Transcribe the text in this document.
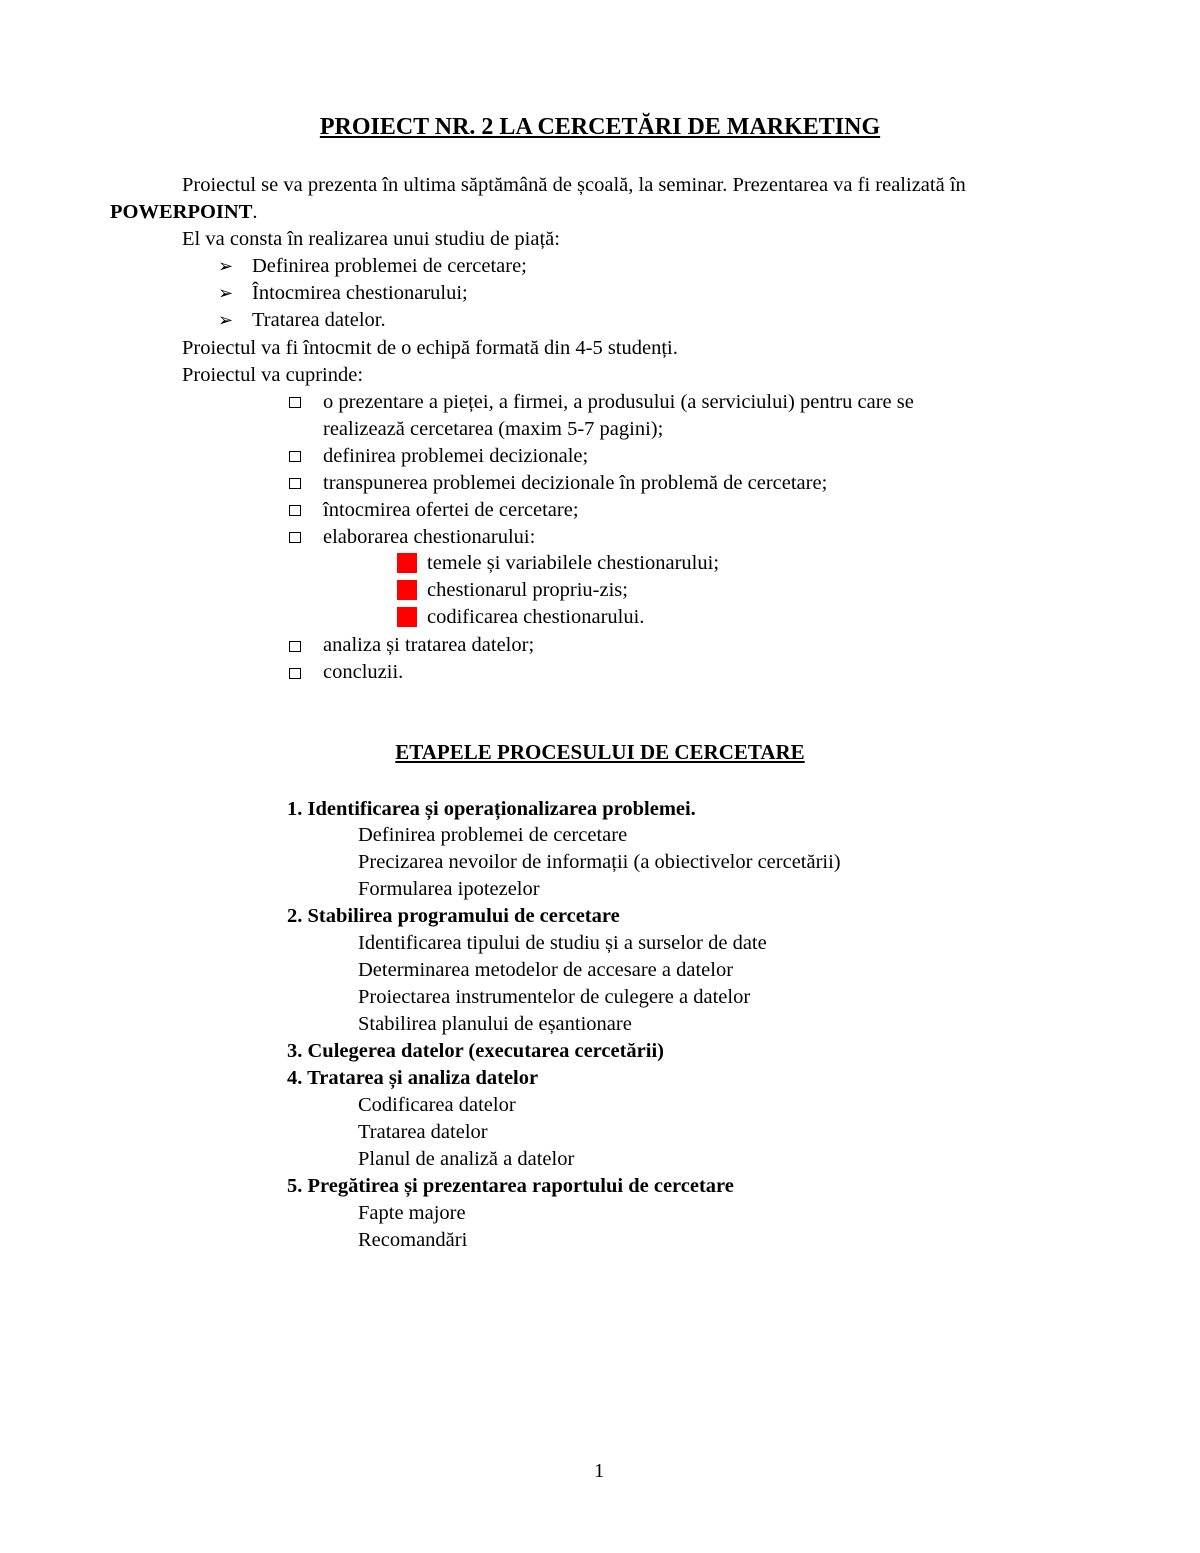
PROIECT NR. 2 LA CERCETĂRI DE MARKETING
Proiectul se va prezenta în ultima săptămână de școală, la seminar. Prezentarea va fi realizată în
POWERPOINT.
El va consta în realizarea unui studiu de piață:
➢ Definirea problemei de cercetare;
➢ Întocmirea chestionarului;
➢ Tratarea datelor.
Proiectul va fi întocmit de o echipă formată din 4-5 studenți.
Proiectul va cuprinde:
o prezentare a pieței, a firmei, a produsului (a serviciului) pentru care se
realizează cercetarea (maxim 5-7 pagini);
definirea problemei decizionale;
transpunerea problemei decizionale în problemă de cercetare;
întocmirea ofertei de cercetare;
elaborarea chestionarului:
temele și variabilele chestionarului;
chestionarul propriu-zis;
codificarea chestionarului.
analiza și tratarea datelor;
concluzii.
ETAPELE PROCESULUI DE CERCETARE
1. Identificarea și operaționalizarea problemei.
Definirea problemei de cercetare
Precizarea nevoilor de informații (a obiectivelor cercetării)
Formularea ipotezelor
2. Stabilirea programului de cercetare
Identificarea tipului de studiu și a surselor de date
Determinarea metodelor de accesare a datelor
Proiectarea instrumentelor de culegere a datelor
Stabilirea planului de eșantionare
3. Culegerea datelor (executarea cercetării)
4. Tratarea și analiza datelor
Codificarea datelor
Tratarea datelor
Planul de analiză a datelor
5. Pregătirea și prezentarea raportului de cercetare
Fapte majore
Recomandări
1
